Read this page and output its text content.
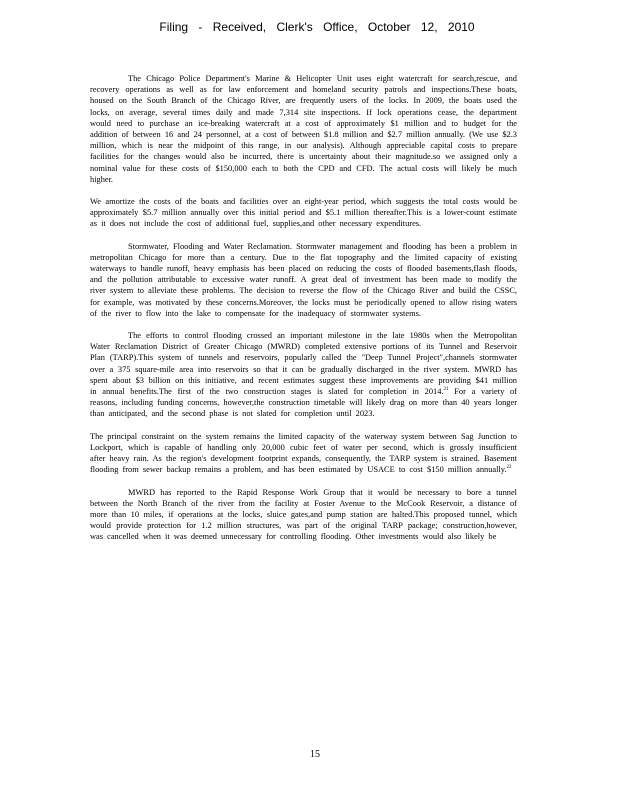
Filing - Received, Clerk's Office, October 12, 2010

The Chicago Police Department's Marine & Helicopter Unit uses eight watercraft for search,rescue, and recovery operations as well as for law enforcement and homeland security patrols and inspections.These boats, housed on the South Branch of the Chicago River, are frequently users of the locks. In 2009, the boats used the locks, on average, several times daily and made 7,314 site inspections. If lock operations cease, the department would need to purchase an ice-breaking watercraft at a cost of approximately $1 million and to budget for the addition of between 16 and 24 personnel, at a cost of between $1.8 million and $2.7 million annually. (We use $2.3 million, which is near the midpoint of this range, in our analysis). Although appreciable capital costs to prepare facilities for the changes would also be incurred, there is uncertainty about their magnitude.so we assigned only a nominal value for these costs of $150,000 each to both the CPD and CFD. The actual costs will likely be much higher.

We amortize the costs of the boats and facilities over an eight-year period, which suggests the total costs would be approximately $5.7 million annually over this initial period and $5.1 million thereafter.This is a lower-count estimate as it does not include the cost of additional fuel, supplies,and other necessary expenditures.

Stormwater, Flooding and Water Reclamation. Stormwater management and flooding has been a problem in metropolitan Chicago for more than a century. Due to the flat topography and the limited capacity of existing waterways to handle runoff, heavy emphasis has been placed on reducing the costs of flooded basements,flash floods, and the pollution attributable to excessive water runoff. A great deal of investment has been made to modify the river system to alleviate these problems. The decision to reverse the flow of the Chicago River and build the CSSC, for example, was motivated by these concerns.Moreover, the locks must be periodically opened to allow rising waters of the river to flow into the lake to compensate for the inadequacy of stormwater systems.

The efforts to control flooding crossed an important milestone in the late 1980s when the Metropolitan Water Reclamation District of Greater Chicago (MWRD) completed extensive portions of its Tunnel and Reservoir Plan (TARP).This system of tunnels and reservoirs, popularly called the "Deep Tunnel Project",channels stormwater over a 375 square-mile area into reservoirs so that it can be gradually discharged in the river system. MWRD has spent about $3 billion on this initiative, and recent estimates suggest these improvements are providing $41 million in annual benefits.The first of the two construction stages is slated for completion in 2014.21 For a variety of reasons, including funding concerns, however,the construction timetable will likely drag on more than 40 years longer than anticipated, and the second phase is not slated for completion until 2023.

The principal constraint on the system remains the limited capacity of the waterway system between Sag Junction to Lockport, which is capable of handling only 20,000 cubic feet of water per second, which is grossly insufficient after heavy rain. As the region's development footprint expands, consequently, the TARP system is strained. Basement flooding from sewer backup remains a problem, and has been estimated by USACE to cost $150 million annually.$^{22}$

MWRD has reported to the Rapid Response Work Group that it would be necessary to bore a tunnel between the North Branch of the river from the facility at Foster Avenue to the McCook Reservoir, a distance of more than 10 miles, if operations at the locks, sluice gates,and pump station are halted.This proposed tunnel, which would provide protection for 1.2 million structures, was part of the original TARP package; construction,however, was cancelled when it was deemed unnecessary for controlling flooding. Other investments would also likely be

15
